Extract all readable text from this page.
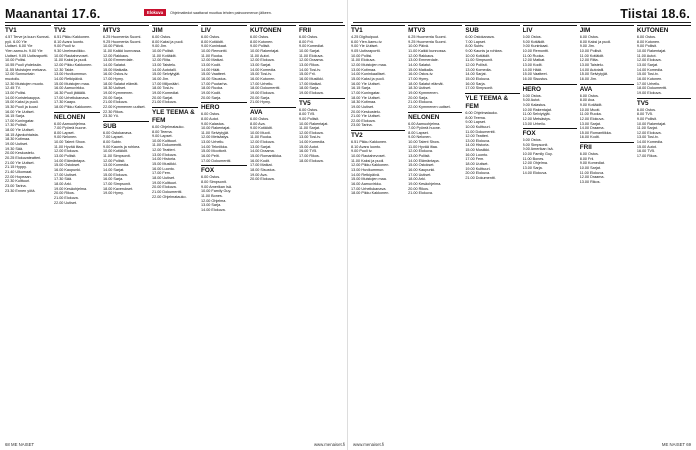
Maanantai 17.6.	Elokuva	Ohjelmatiedot saattavat muuttua lehden painoonmenon jälkeen.
TV1
4.57 Terve ja kuun Kunnat-
pyö. 6.00 Yle
Uutiset. 6.00 Yle
Ylen aamu-tv. 9.00 Yle
Uutiset. 9.05 Uutisraportti.
10.00 Poliisi.
10.55 Puoli yhdeksän.
11.55 Muistojen mekana.
12.00 Sunnuntain
muotoilu.
12.30 Muistojen muoto.
12.45 TV.
13.00 Poliisi.
14.00 Koristekauppa.
15.00 Kaksi ja puoli.
15.30 Puoli ja kuusi
16.00 Yle Uutiset.
16.15 Sarja.
17.00 Kuningatar.
17.30 Poliisit.
18.00 Yle Uutiset.
18.15 Ajankohtaista.
18.30 Kotimaa.
19.00 Uutiset.
19.30 Sää.
20.00 Keskustelu.
20.25 Elokuvateatteri.
21.00 Yle Uutiset.
21.15 Hyppy.
21.40 Ulkomaat.
22.00 Hopeaan.
22.30 Kulttuuri.
23.00 Tarina.
23.30 Ennen yötä.
TV2
6.51 Pikku Kakkonen.
8.10 Avara luonto.
9.00 Puoli tv.
9.30 Unelmaviikko.
10.00 Rautahevoset.
11.00 Kaksi ja puoli.
12.00 Pikku Kakkonen.
12.30 Taide.
13.00 Huvikummun.
14.00 Retkipäivä.
15.00 Muistojen maa.
16.00 Aamuvirkku.
16.30 Puoli jätäälä.
17.00 Urheilukanava.
17.30 Kaapo.
18.00 Pikku Kakkonen.
NELONEN
6.00 Aamuohjelma.
7.00 Pyöreä huone.
8.00 Lapset.
9.00 Nelonen.
10.00 Talent Show.
11.00 Hyvää iltaa.
12.00 Elokuva.
13.00 Poliisit.
14.00 Elämäntapa.
15.00 Ostokset.
16.00 Kaupunki.
17.00 Uutiset.
17.30 Sää.
18.00 Arki.
19.00 Kesäohjelma.
20.00 Rikos.
21.00 Elokuva.
22.00 Uutiset.
MTV3
6.25 Huomenta Suomi.
9.25 Huomenta Suomi.
10.00 Päivä.
11.00 Kaikki kunnossa.
12.00 Rakkaus.
13.00 Emmerdale.
14.00 Salatut.
15.00 Matkalla.
16.00 Ostos-tv.
17.00 Hymy.
18.00 Salatut elämät.
18.30 Uutiset.
19.00 Kymmenen.
20.00 Sarja.
21.00 Elokuva.
22.00 Kymmenen uutiset.
22.30 Rikos.
23.30 Yö.
SUB
6.00 Ostokanava.
7.00 Lapset.
8.00 Subtv.
9.00 Kaunis ja rohkea.
10.00 Kotiäidit.
11.00 Simpsonit.
12.00 Poliisit.
13.00 Komedia.
14.00 Sarjat.
15.00 Elokuva.
16.00 Sarja.
17.00 Simpsonit.
18.00 Kaverukset.
19.00 Hymy.
JIM
6.00 Ostos.
8.00 Kaksi ja puoli.
9.00 Jim.
10.00 Poliisit.
11.00 Kotiäidit.
12.00 Riita.
13.00 Taistelu.
14.00 Autotalli.
15.00 Selviytyjät.
16.00 Jim.
17.00 Miljonääri.
18.00 Tosi-tv.
19.00 Komediat.
20.00 Sarjat.
21.00 Elokuva.
YLE TEEMA & FEM
6.00 Ohjelmatauko.
8.00 Teema.
9.00 Lapset.
10.00 Kulttuuri.
11.00 Dokumentti.
12.00 Teatteri.
13.00 Elokuva.
14.00 Historia.
15.00 Musiikki.
16.00 Luonto.
17.00 Fem.
18.00 Uutiset.
19.00 Kulttuuri.
20.00 Elokuva.
21.00 Dokumentti.
22.00 Ohjelmatauko.
LIV
6.00 Ostos.
8.00 Kotiäidit.
9.00 Kuninkaat.
10.00 Remontti.
11.00 Ruoka.
12.00 Matkat.
13.00 Kodit.
14.00 Häät.
15.00 Vaatteet.
16.00 Sisustus.
17.00 Puutarha.
18.00 Ruoka.
19.00 Kodit.
20.00 Sarja.
HERO
6.00 Ostos.
8.00 Autot.
9.00 Kalastus.
10.00 Rakentajat.
11.00 Selviytyjät.
12.00 Metsästys.
13.00 Urheilu.
14.00 Tekniikka.
15.00 Moottorit.
16.00 Pelit.
17.00 Dokumentti.
FOX
6.00 Ostos.
8.00 Simpsonit.
9.00 Amerikan Isä.
10.00 Family Guy.
11.00 Bones.
12.00 Ohjelma.
13.00 Sarja.
14.00 Elokuva.
KUTONEN
6.00 Ostos.
8.00 Kutonen.
9.00 Poliisit.
10.00 Rakentajat.
11.00 Autot.
12.00 Elokuva.
13.00 Sarjat.
14.00 Komedia.
15.00 Tosi-tv.
16.00 Kutonen.
17.00 Urheilu.
18.00 Dokumentti.
19.00 Elokuva.
20.00 Sarja.
21.00 Hymy.
AVA
6.00 Ostos.
8.00 Ava.
9.00 Kotiäidit.
10.00 Muoti.
11.00 Ruoka.
12.00 Elokuva.
13.00 Sarjat.
14.00 Draama.
15.00 Romantiikka.
16.00 Kodit.
17.00 Matkat.
18.00 Sisustus.
19.00 Ava.
20.00 Elokuva.
FRII
6.00 Ostos.
8.00 Frii.
9.00 Komediat.
10.00 Sarjat.
11.00 Elokuva.
12.00 Draama.
13.00 Rikos.
14.00 Tosi-tv.
15.00 Frii.
16.00 Musiikki.
17.00 Matkat.
18.00 Sarja.
19.00 Elokuva.
TV5
6.00 Ostos.
8.00 TV5.
9.00 Poliisit.
10.00 Rakentajat.
11.00 Sarjat.
12.00 Elokuva.
13.00 Tosi-tv.
14.00 Komedia.
15.00 Autot.
16.00 TV5.
17.00 Rikos.
18.00 Elokuva.
68 ME NAISET	www.menaiset.fi
Tiistai 18.6.
TV1
4.25 Digihuipuut.
6.00 Ylen Aamu-tv.
9.00 Yle Uutiset.
9.05 Uutisraportti.
10.00 Poliisi.
11.00 Elokuva.
12.00 Muistojen maa.
13.00 Kotimaa.
14.00 Kuninkaalliset.
15.00 Kaksi ja puoli.
16.00 Yle Uutiset.
16.15 Sarja.
17.00 Kuningatar.
18.00 Yle Uutiset.
18.30 Kotimaa.
19.00 Uutiset.
20.00 Keskustelu.
21.00 Yle Uutiset.
22.00 Elokuva.
23.00 Tarina.
TV2
6.51 Pikku Kakkonen.
8.10 Avara luonto.
9.00 Puoli tv.
10.00 Rautahevoset.
11.00 Kaksi ja puoli.
12.00 Pikku Kakkonen.
13.00 Huvikummun.
14.00 Retkipäivä.
15.00 Muistojen maa.
16.00 Aamuvirkku.
17.00 Urheilukanava.
18.00 Pikku Kakkonen.
MTV3
6.25 Huomenta Suomi.
9.25 Huomenta Suomi.
10.00 Päivä.
11.00 Kaikki kunnossa.
12.00 Rakkaus.
13.00 Emmerdale.
14.00 Salatut.
15.00 Matkalla.
16.00 Ostos-tv.
17.00 Hymy.
18.00 Salatut elämät.
18.30 Uutiset.
19.00 Kymmenen.
20.00 Sarja.
21.00 Elokuva.
22.00 Kymmenen uutiset.
NELONEN
6.00 Aamuohjelma.
7.00 Pyöreä huone.
8.00 Lapset.
9.00 Nelonen.
10.00 Talent Show.
11.00 Hyvää iltaa.
12.00 Elokuva.
13.00 Poliisit.
14.00 Elämäntapa.
15.00 Ostokset.
16.00 Kaupunki.
17.00 Uutiset.
18.00 Arki.
19.00 Kesäohjelma.
20.00 Rikos.
21.00 Elokuva.
SUB
6.00 Ostokanava.
7.00 Lapset.
8.00 Subtv.
9.00 Kaunis ja rohkea.
10.00 Kotiäidit.
11.00 Simpsonit.
12.00 Poliisit.
13.00 Komedia.
14.00 Sarjat.
15.00 Elokuva.
16.00 Sarja.
17.00 Simpsonit.
YLE TEEMA & FEM
6.00 Ohjelmatauko.
8.00 Teema.
9.00 Lapset.
10.00 Kulttuuri.
11.00 Dokumentti.
12.00 Teatteri.
13.00 Elokuva.
14.00 Historia.
15.00 Musiikki.
16.00 Luonto.
17.00 Fem.
18.00 Uutiset.
19.00 Kulttuuri.
20.00 Elokuva.
21.00 Dokumentti.
LIV
6.00 Ostos.
8.00 Kotiäidit.
9.00 Kuninkaat.
10.00 Remontti.
11.00 Ruoka.
12.00 Matkat.
13.00 Kodit.
14.00 Häät.
15.00 Vaatteet.
16.00 Sisustus.
HERO
6.00 Ostos.
8.00 Autot.
9.00 Kalastus.
10.00 Rakentajat.
11.00 Selviytyjät.
12.00 Metsästys.
13.00 Urheilu.
FOX
6.00 Ostos.
8.00 Simpsonit.
9.00 Amerikan Isä.
10.00 Family Guy.
11.00 Bones.
12.00 Ohjelma.
13.00 Sarja.
14.00 Elokuva.
JIM
6.00 Ostos.
8.00 Kaksi ja puoli.
9.00 Jim.
10.00 Poliisit.
11.00 Kotiäidit.
12.00 Riita.
13.00 Taistelu.
14.00 Autotalli.
15.00 Selviytyjät.
16.00 Jim.
AVA
6.00 Ostos.
8.00 Ava.
9.00 Kotiäidit.
10.00 Muoti.
11.00 Ruoka.
12.00 Elokuva.
13.00 Sarjat.
14.00 Draama.
15.00 Romantiikka.
16.00 Kodit.
FRII
6.00 Ostos.
8.00 Frii.
9.00 Komediat.
10.00 Sarjat.
11.00 Elokuva.
12.00 Draama.
13.00 Rikos.
KUTONEN
6.00 Ostos.
8.00 Kutonen.
9.00 Poliisit.
10.00 Rakentajat.
11.00 Autot.
12.00 Elokuva.
13.00 Sarjat.
14.00 Komedia.
15.00 Tosi-tv.
16.00 Kutonen.
17.00 Urheilu.
18.00 Dokumentti.
19.00 Elokuva.
TV5
6.00 Ostos.
8.00 TV5.
9.00 Poliisit.
10.00 Rakentajat.
11.00 Sarjat.
12.00 Elokuva.
13.00 Tosi-tv.
14.00 Komedia.
15.00 Autot.
16.00 TV5.
17.00 Rikos.
www.menaiset.fi	ME NAISET 69
